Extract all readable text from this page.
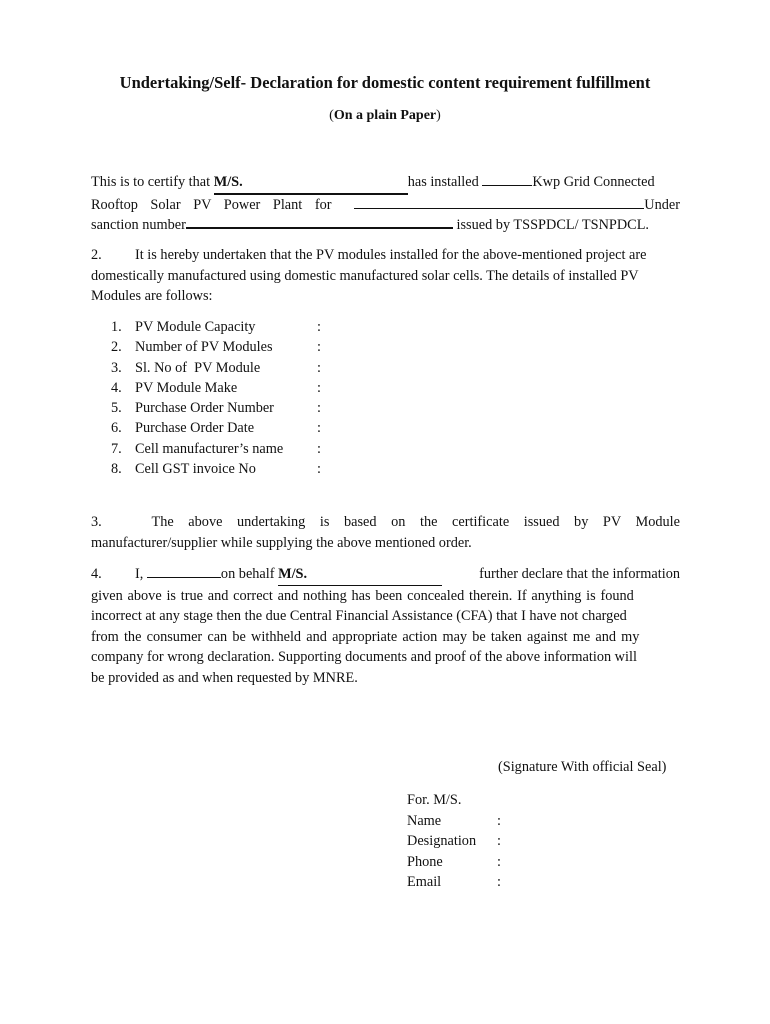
Undertaking/Self- Declaration for domestic content requirement fulfillment
(On a plain Paper)
This is to certify that M/S.	has installed	Kwp Grid Connected
Rooftop Solar PV Power Plant for	Under
sanction number	issued by TSSPDCL/ TSNPDCL.
2. It is hereby undertaken that the PV modules installed for the above-mentioned project are
domestically manufactured using domestic manufactured solar cells. The details of installed PV
Modules are follows:
1. PV Module Capacity	:
2. Number of PV Modules	:
3. Sl. No of  PV Module	:
4. PV Module Make	:
5. Purchase Order Number	:
6. Purchase Order Date	:
7. Cell manufacturer’s name	:
8. Cell GST invoice No	:
3.	The above undertaking is based on the certificate issued by PV Module
manufacturer/supplier while supplying the above mentioned order.
4. I,	on behalf M/S.	further declare that the information
given above is true and correct and nothing has been concealed therein. If anything is found
incorrect at any stage then the due Central Financial Assistance (CFA) that I have not charged
from the consumer can be withheld and appropriate action may be taken against me and my
company for wrong declaration. Supporting documents and proof of the above information will
be provided as and when requested by MNRE.
(Signature With official Seal)
For. M/S.
Name	:
Designation	:
Phone	:
Email	:
